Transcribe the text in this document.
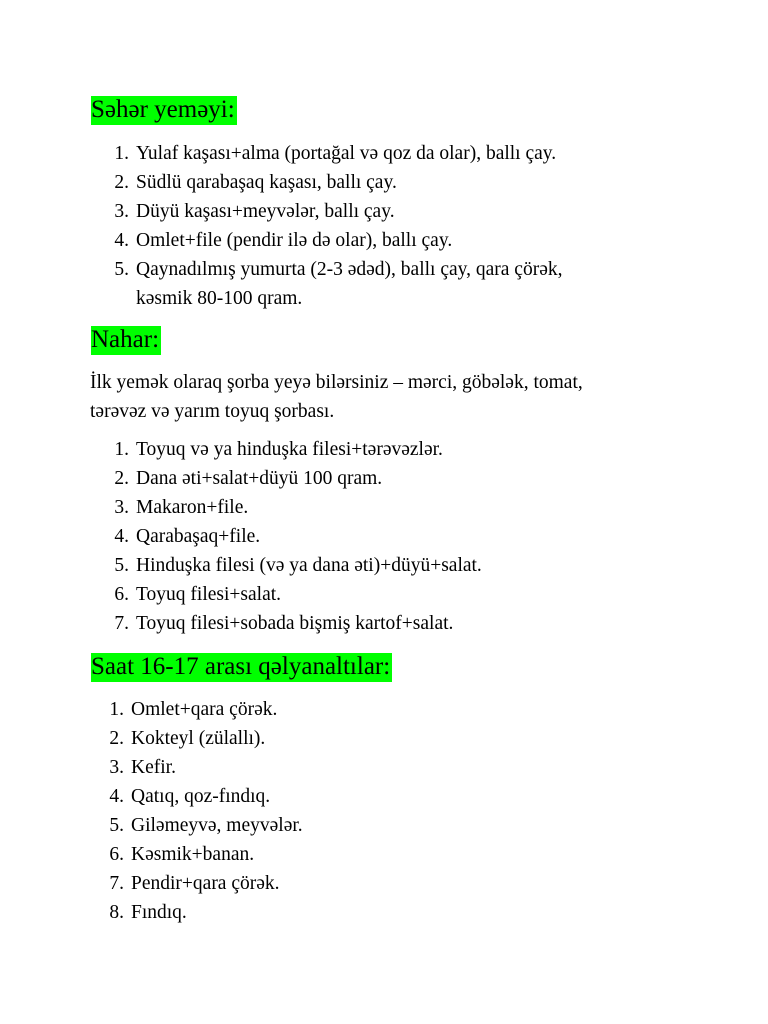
Səhər yeməyi:
1. Yulaf kaşası+alma (portağal və qoz da olar), ballı çay.
2. Südlü qarabaşaq kaşası, ballı çay.
3. Düyü kaşası+meyvələr, ballı çay.
4. Omlet+file (pendir ilə də olar), ballı çay.
5. Qaynadılmış yumurta (2-3 ədəd), ballı çay, qara çörək,
kəsmik 80-100 qram.
Nahar:
İlk yemək olaraq şorba yeyə bilərsiniz – mərci, göbələk, tomat,
tərəvəz və yarım toyuq şorbası.
1. Toyuq və ya hinduşka filesi+tərəvəzlər.
2. Dana əti+salat+düyü 100 qram.
3. Makaron+file.
4. Qarabaşaq+file.
5. Hinduşka filesi (və ya dana əti)+düyü+salat.
6. Toyuq filesi+salat.
7. Toyuq filesi+sobada bişmiş kartof+salat.
Saat 16-17 arası qəlyanaltılar:
1. Omlet+qara çörək.
2. Kokteyl (zülallı).
3. Kefir.
4. Qatıq, qoz-fındıq.
5. Giləmeyvə, meyvələr.
6. Kəsmik+banan.
7. Pendir+qara çörək.
8. Fındıq.
